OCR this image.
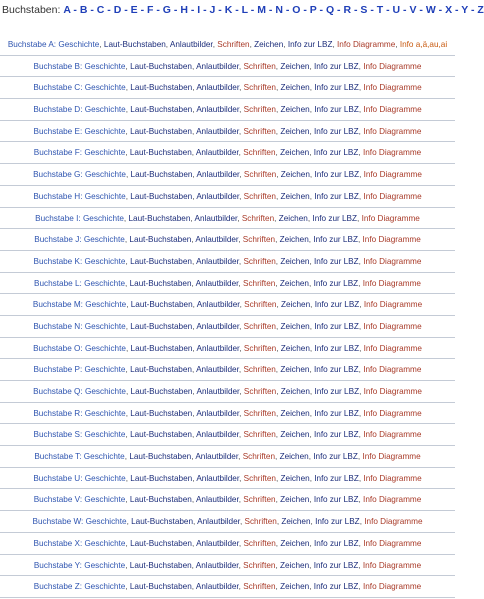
Buchstaben: A - B - C - D - E - F - G - H - I - J - K - L - M - N - O - P - Q - R - S - T - U - V - W - X - Y - Z
Buchstabe A: Geschichte, Laut-Buchstaben, Anlautbilder, Schriften, Zeichen, Info zur LBZ, Info Diagramme, Info a,ä,au,ai
Buchstabe B: Geschichte, Laut-Buchstaben, Anlautbilder, Schriften, Zeichen, Info zur LBZ, Info Diagramme
Buchstabe C: Geschichte, Laut-Buchstaben, Anlautbilder, Schriften, Zeichen, Info zur LBZ, Info Diagramme
Buchstabe D: Geschichte, Laut-Buchstaben, Anlautbilder, Schriften, Zeichen, Info zur LBZ, Info Diagramme
Buchstabe E: Geschichte, Laut-Buchstaben, Anlautbilder, Schriften, Zeichen, Info zur LBZ, Info Diagramme
Buchstabe F: Geschichte, Laut-Buchstaben, Anlautbilder, Schriften, Zeichen, Info zur LBZ, Info Diagramme
Buchstabe G: Geschichte, Laut-Buchstaben, Anlautbilder, Schriften, Zeichen, Info zur LBZ, Info Diagramme
Buchstabe H: Geschichte, Laut-Buchstaben, Anlautbilder, Schriften, Zeichen, Info zur LBZ, Info Diagramme
Buchstabe I: Geschichte, Laut-Buchstaben, Anlautbilder, Schriften, Zeichen, Info zur LBZ, Info Diagramme
Buchstabe J: Geschichte, Laut-Buchstaben, Anlautbilder, Schriften, Zeichen, Info zur LBZ, Info Diagramme
Buchstabe K: Geschichte, Laut-Buchstaben, Anlautbilder, Schriften, Zeichen, Info zur LBZ, Info Diagramme
Buchstabe L: Geschichte, Laut-Buchstaben, Anlautbilder, Schriften, Zeichen, Info zur LBZ, Info Diagramme
Buchstabe M: Geschichte, Laut-Buchstaben, Anlautbilder, Schriften, Zeichen, Info zur LBZ, Info Diagramme
Buchstabe N: Geschichte, Laut-Buchstaben, Anlautbilder, Schriften, Zeichen, Info zur LBZ, Info Diagramme
Buchstabe O: Geschichte, Laut-Buchstaben, Anlautbilder, Schriften, Zeichen, Info zur LBZ, Info Diagramme
Buchstabe P: Geschichte, Laut-Buchstaben, Anlautbilder, Schriften, Zeichen, Info zur LBZ, Info Diagramme
Buchstabe Q: Geschichte, Laut-Buchstaben, Anlautbilder, Schriften, Zeichen, Info zur LBZ, Info Diagramme
Buchstabe R: Geschichte, Laut-Buchstaben, Anlautbilder, Schriften, Zeichen, Info zur LBZ, Info Diagramme
Buchstabe S: Geschichte, Laut-Buchstaben, Anlautbilder, Schriften, Zeichen, Info zur LBZ, Info Diagramme
Buchstabe T: Geschichte, Laut-Buchstaben, Anlautbilder, Schriften, Zeichen, Info zur LBZ, Info Diagramme
Buchstabe U: Geschichte, Laut-Buchstaben, Anlautbilder, Schriften, Zeichen, Info zur LBZ, Info Diagramme
Buchstabe V: Geschichte, Laut-Buchstaben, Anlautbilder, Schriften, Zeichen, Info zur LBZ, Info Diagramme
Buchstabe W: Geschichte, Laut-Buchstaben, Anlautbilder, Schriften, Zeichen, Info zur LBZ, Info Diagramme
Buchstabe X: Geschichte, Laut-Buchstaben, Anlautbilder, Schriften, Zeichen, Info zur LBZ, Info Diagramme
Buchstabe Y: Geschichte, Laut-Buchstaben, Anlautbilder, Schriften, Zeichen, Info zur LBZ, Info Diagramme
Buchstabe Z: Geschichte, Laut-Buchstaben, Anlautbilder, Schriften, Zeichen, Info zur LBZ, Info Diagramme
